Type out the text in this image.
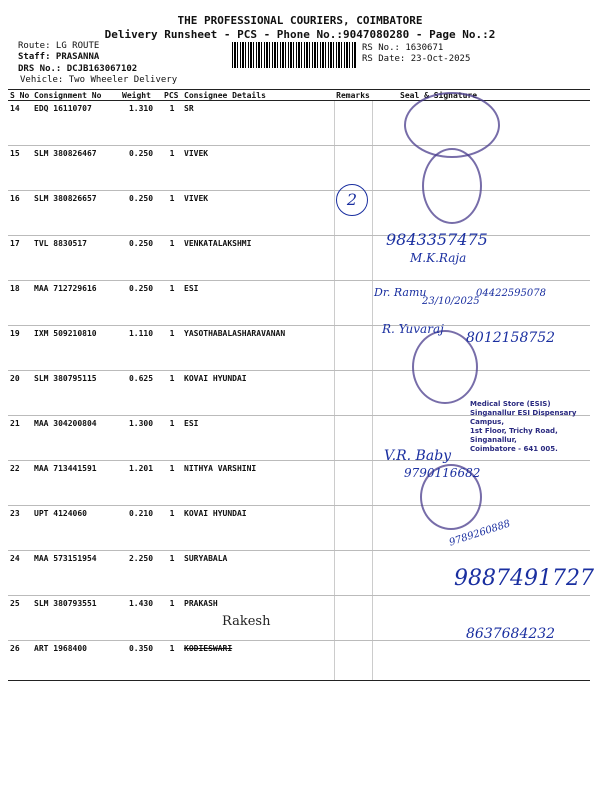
THE PROFESSIONAL COURIERS, COIMBATORE
Delivery Runsheet - PCS - Phone No.:9047080280 - Page No.:2
Route: LG ROUTE
Staff: PRASANNA
DRS No.: DCJB163067102
Vehicle: Two Wheeler Delivery
RS No.: 1630671
RS Date: 23-Oct-2025
S No	Consignment No	Weight	PCS	Consignee Details	Remarks	Seal & Signature
14	EDQ 16110707	1.310	1	SR		
15	SLM 380826467	0.250	1	VIVEK		
16	SLM 380826657	0.250	1	VIVEK		
17	TVL 8830517	0.250	1	VENKATALAKSHMI		
18	MAA 712729616	0.250	1	ESI		
19	IXM 509210810	1.110	1	YASOTHABALASHARAVANAN		
20	SLM 380795115	0.625	1	KOVAI HYUNDAI		
21	MAA 304200804	1.300	1	ESI		
22	MAA 713441591	1.201	1	NITHYA VARSHINI		
23	UPT 4124060	0.210	1	KOVAI HYUNDAI		
24	MAA 573151954	2.250	1	SURYABALA		
25	SLM 380793551	1.430	1	PRAKASH		
26	ART 1968400	0.350	1	KODIESWARI		
Medical Store (ESIS)
Singanallur ESI Dispensary Campus,
1st Floor, Trichy Road, Singanallur,
Coimbatore - 641 005.
2
9843357475
M.K.Raja
Dr. Ramu
23/10/2025
04422595078
R. Yuvaraj
8012158752
V.R. Baby
9790116682
9789260888
9887491727
8637684232
Rakesh
